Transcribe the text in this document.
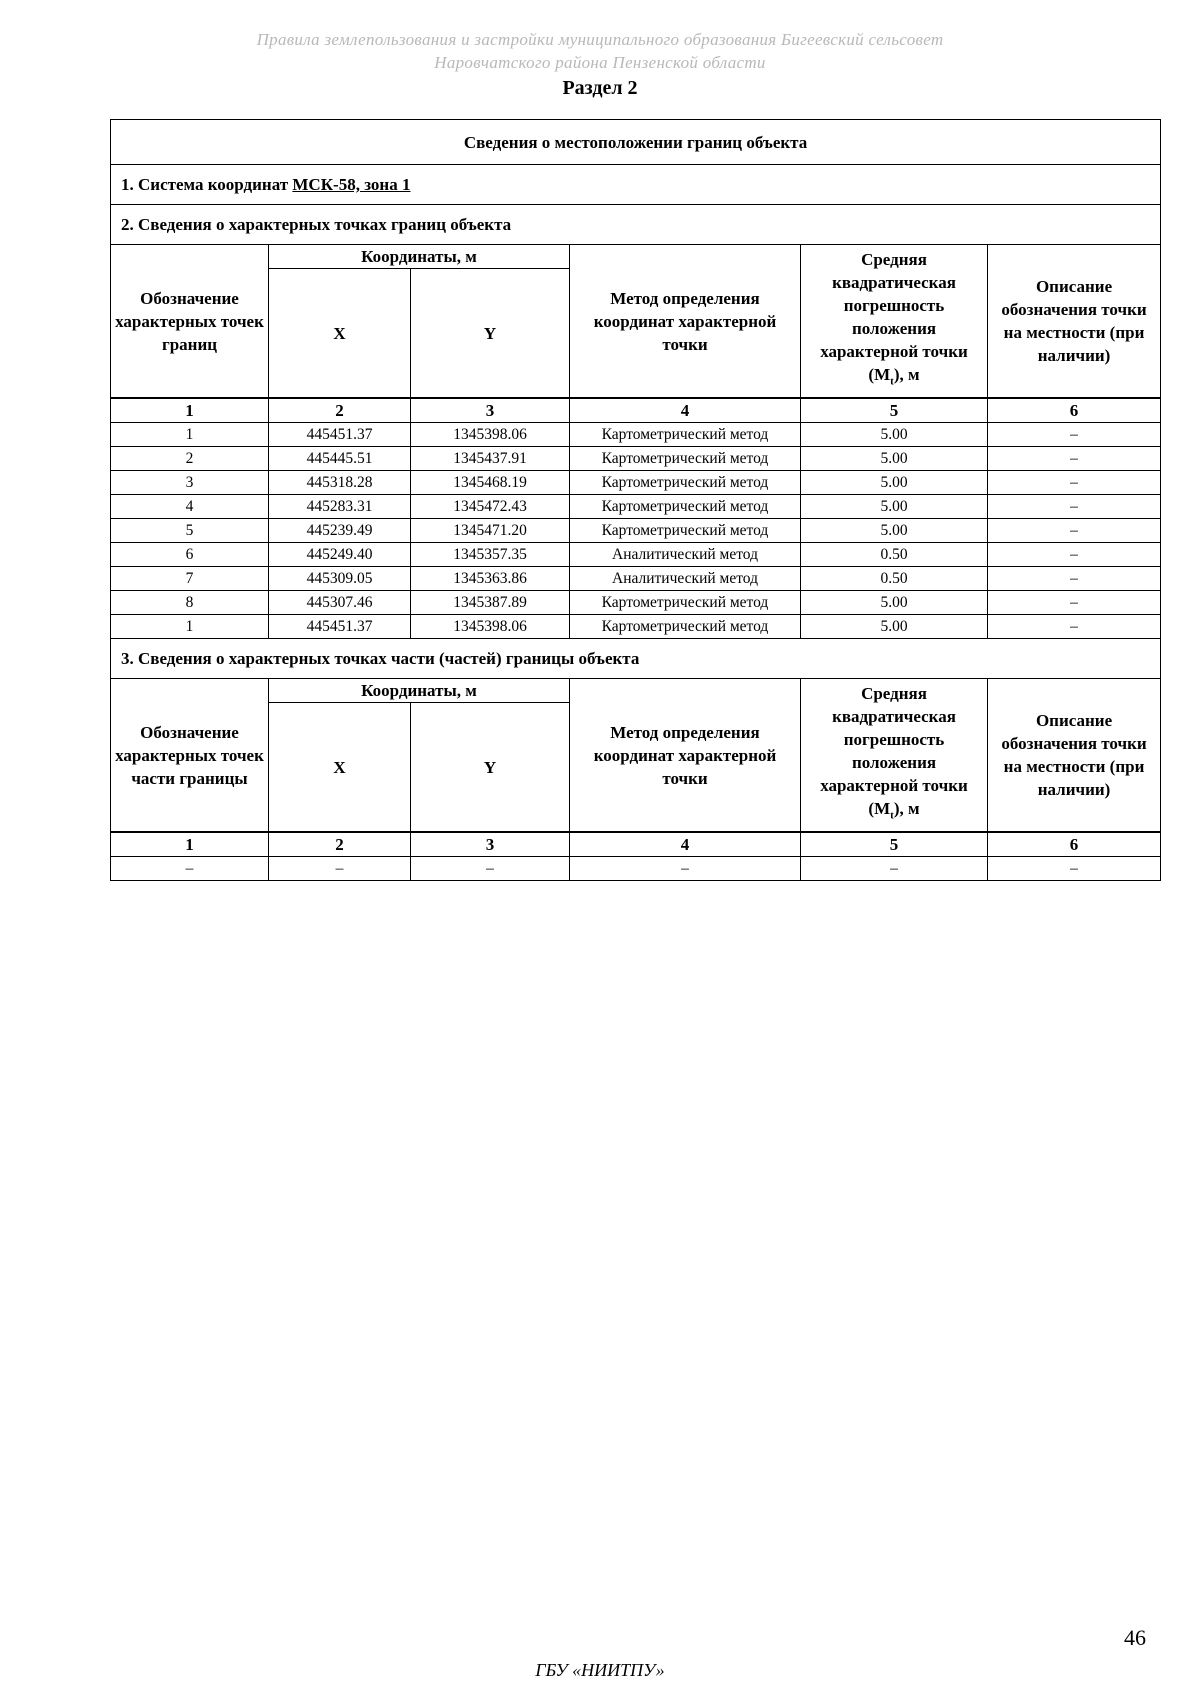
Правила землепользования и застройки муниципального образования Бигеевский сельсовет
Наровчатского района Пензенской области
Раздел 2
Сведения о местоположении границ объекта					
1. Система координат МСК-58, зона 1					
2. Сведения о характерных точках границ объекта					
Обозначение характерных точек границ	Координаты, м		Метод определения координат характерной точки	Средняя квадратическая погрешность положения характерной точки $(M_t)$, м	Описание обозначения точки на местности (при наличии)
	X	Y			
1	2	3	4	5	6
1	445451.37	1345398.06	Картометрический метод	5.00	–
2	445445.51	1345437.91	Картометрический метод	5.00	–
3	445318.28	1345468.19	Картометрический метод	5.00	–
4	445283.31	1345472.43	Картометрический метод	5.00	–
5	445239.49	1345471.20	Картометрический метод	5.00	–
6	445249.40	1345357.35	Аналитический метод	0.50	–
7	445309.05	1345363.86	Аналитический метод	0.50	–
8	445307.46	1345387.89	Картометрический метод	5.00	–
1	445451.37	1345398.06	Картометрический метод	5.00	–
3. Сведения о характерных точках части (частей) границы объекта					
Обозначение характерных точек части границы	Координаты, м		Метод определения координат характерной точки	Средняя квадратическая погрешность положения характерной точки $(M_t)$, м	Описание обозначения точки на местности (при наличии)
	X	Y			
1	2	3	4	5	6
–	–	–	–	–	–
46
ГБУ «НИИТПУ»
